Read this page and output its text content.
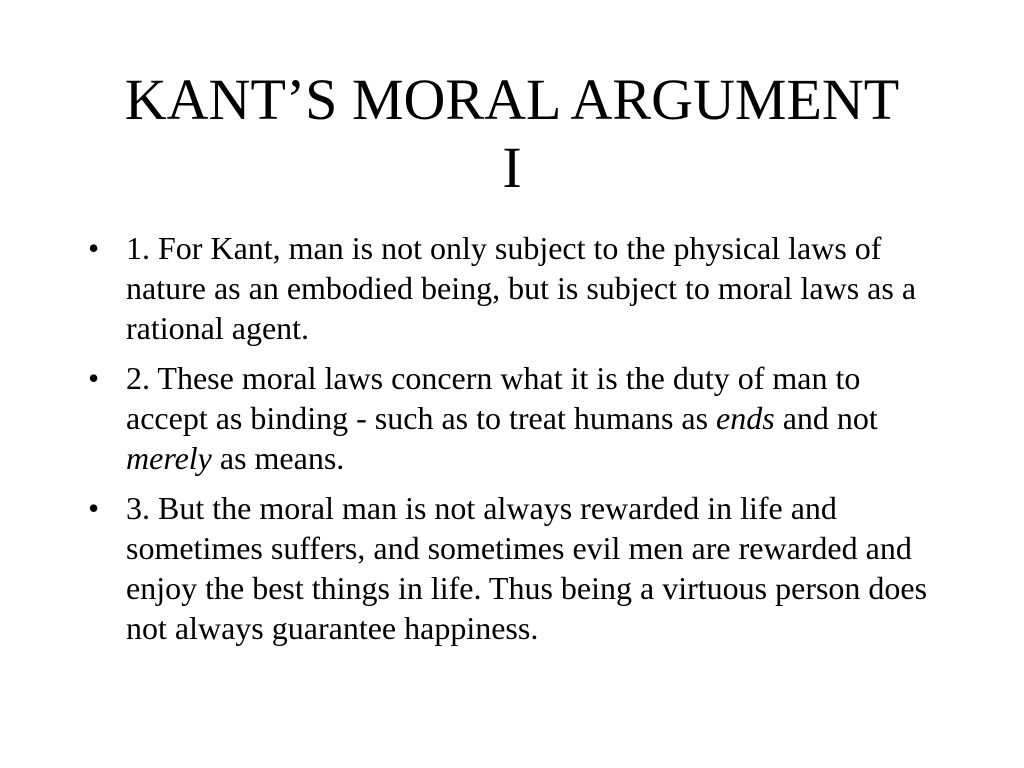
KANT’S MORAL ARGUMENT
I
• 1. For Kant, man is not only subject to the physical laws of nature as an embodied being, but is subject to moral laws as a rational agent.
• 2. These moral laws concern what it is the duty of man to accept as binding - such as to treat humans as ends and not merely as means.
• 3. But the moral man is not always rewarded in life and sometimes suffers, and sometimes evil men are rewarded and enjoy the best things in life. Thus being a virtuous person does not always guarantee happiness.
